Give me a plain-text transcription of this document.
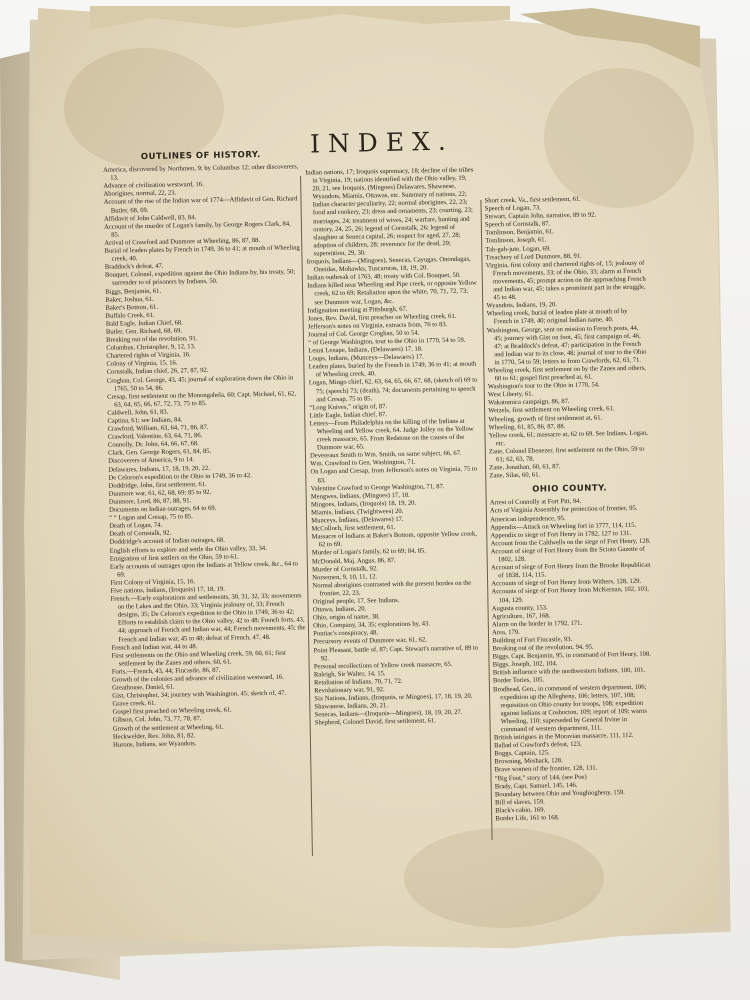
INDEX.
OUTLINES OF HISTORY.

America, discovered by Northmen, 9; by Columbus 12; other discoverers, 13.

Advance of civilization westward, 16.

Aborigines, normal, 22, 23.

Account of the rise of the Indian war of 1774—Affidavit of Gen. Richard Butler, 68, 69.

Affidavit of John Caldwell, 83, 84.

Account of the murder of Logan's family, by George Rogers Clark, 84, 85.

Arrival of Crawford and Dunmore at Wheeling, 86, 87, 88.

Burial of leaden plates by French in 1749, 36 to 41; at mouth of Wheeling creek, 40.

Braddock's defeat, 47.

Bouquet, Colonel, expedition against the Ohio Indians by, his treaty, 50; surrender to of prisoners by Indians, 50.

Biggs, Benjamin, 61.

Baker, Joshua, 61.

Baker's Bottom, 61.

Buffalo Creek, 61.

Bald Eagle, Indian Chief, 68.

Butler, Gen. Richard, 68, 69.

Breaking out of the revolution, 91.

Columbus, Christopher, 9, 12, 13.

Chartered rights of Virginia, 16.

Colony of Virginia, 15, 16.

Cornstalk, Indian chief, 26, 27, 87, 92.

Croghan, Col. George, 43, 45; journal of exploration down the Ohio in 1765, 50 to 54, 86.

Cresap, first settlement on the Monongahela, 60; Capt. Michael, 61, 62, 63, 64, 65, 66, 67, 72, 73, 75 to 85.

Caldwell, John, 61, 83.

Captina, 61; see Indians, 84.

Crawford, William, 63, 64, 71, 86, 87.

Crawford, Valentine, 63, 64, 71, 86.

Connolly, Dr. John, 64, 66, 67, 68.

Clark, Gen. George Rogers, 61, 84, 85.

Discoverers of America, 9 to 14.

Delawares, Indians, 17, 18, 19, 20, 22.

De Celoron's expedition to the Ohio in 1749, 36 to 42.

Doddridge, John, first settlement, 61.

Dunmore war, 61, 62, 68, 69; 85 to 92.

Dunmore, Lord, 86, 87, 88, 91.

Documents on Indian outrages, 64 to 69.

“ “ Logan and Cresap, 75 to 85.

Death of Logan, 74.

Death of Cornstalk, 92.

Doddridge's account of Indian outrages, 68.

English efforts to explore and settle the Ohio valley, 33, 34.

Emigration of first settlers on the Ohio, 59 to 61.

Early accounts of outrages upon the Indians at Yellow creek, &c., 64 to 69.

First Colony of Virginia, 15, 16.

Five nations, Indians, (Iroquois) 17, 18, 19.

French.—Early explorations and settlements, 30, 31, 32, 33; movements on the Lakes and the Ohio, 33; Virginia jealousy of, 33; French designs, 35; De Celoron's expedition to the Ohio in 1749, 36 to 42; Efforts to establish claim to the Ohio valley, 42 to 48; French forts, 43, 44; approach of French and Indian war, 44; French movements, 45; the French and Indian war, 45 to 48; defeat of French, 47, 48.

French and Indian war, 44 to 48.

First settlements on the Ohio and Wheeling creek, 59, 60, 61; first settlement by the Zanes and others, 60, 61.

Forts.—French, 43, 44; Fincastle, 86, 87.

Growth of the colonies and advance of civilization westward, 16.

Greathouse, Daniel, 61.

Gist, Christopher, 34; journey with Washington, 45; sketch of, 47.

Grave creek, 61.

Gospel first preached on Wheeling creek, 61.

Gibson, Col. John, 73, 77, 78, 87.

Growth of the settlement at Wheeling, 61.

Heckwelder, Rev. John, 81, 82.

Hurons, Indians, see Wyandots.

Indian nations, 17; Iroquois supremacy, 18; decline of the tribes in Virginia, 19; nations identified with the Ohio valley, 19, 20, 21, see Iroquois, (Mingoes) Delawares, Shawnese, Wyandots, Miamis, Ottawas, etc. Summary of nations, 22; Indian character peculiarity, 22; normal aborigines, 22, 23; food and cookery, 23; dress and ornaments, 23; courting, 23; marriages, 24; treatment of wives, 24; warfare, hunting and oratory, 24, 25, 26; legend of Cornstalk, 26; legend of slaughter at Seneca capital, 26; respect for aged, 27, 28; adoption of children, 28; reverence for the dead, 29; superstition, 29, 30.

Iroquois, Indians—(Mingoes), Senecas, Cayugas, Onondagas, Oneidas, Mohawks, Tuscaroras, 18, 19, 20.

Indian outbreak of 1763, 48; treaty with Col. Bouquet, 50.

Indians killed near Wheeling and Pipe creek, or opposite Yellow creek, 62 to 69; Retaliation upon the white, 70, 71, 72, 73; see Dunmore war, Logan, &c.

Indignation meeting at Pittsburgh, 67.

Jones, Rev. David, first preacher on Wheeling creek, 61.

Jefferson's notes on Virginia, extracts from, 76 to 83.

Journal of Col. George Croghan, 50 to 54.

“ of George Washington, tour to the Ohio in 1770, 54 to 59.

Lenni Lenape, Indians, (Delawares) 17, 18.

Loups, Indians, (Munceys—Delawares) 17.

Leaden plates, buried by the French in 1749, 36 to 41; at mouth of Wheeling creek, 40.

Logan, Mingo chief, 62, 63, 64, 65, 66, 67, 68, (sketch of) 69 to 75; (speech) 73; (death), 74; documents pertaining to speech and Cresap, 75 to 85.

“Long Knives,” origin of, 87.

Little Eagle, Indian chief, 87.

Letters—From Philadelphia on the killing of the Indians at Wheeling and Yellow creek, 64. Judge Jolley on the Yellow creek massacre, 65. From Redstone on the causes of the Dunmore war, 65.

Devereaux Smith to Wm. Smith, on same subject, 66, 67.

Wm. Crawford to Gen. Washington, 71.

On Logan and Cresap, from Jefferson's notes on Virginia, 75 to 83.

Valentine Crawford to George Washington, 71, 87.

Mengwes, Indians, (Mingoes) 17, 18.

Mingoes, Indians, (Iroquois) 18, 19, 20.

Miamis, Indians, (Twightwees) 20.

Munceys, Indians, (Delawares) 17.

McColloch, first settlement, 61.

Massacre of Indians at Baker's Bottom, opposite Yellow creek, 62 to 69.

Murder of Logan's family, 62 to 69; 84, 85.

McDonald, Maj. Angus, 86, 87.

Murder of Cornstalk, 92.

Norsemen, 9, 10, 11, 12.

Normal aborigines contrasted with the present hordes on the frontier, 22, 23.

Original people, 17. See Indians.

Ottawa, Indians, 20.

Ohio, origin of name, 38.

Ohio, Company, 34, 35; explorations by, 43.

Pontiac's conspiracy, 48.

Precursory events of Dunmore war, 61, 62.

Point Pleasant, battle of, 87; Capt. Stewart's narrative of, 89 to 92.

Personal recollections of Yellow creek massacre, 65.

Raleigh, Sir Walter, 14, 15.

Retaliation of Indians, 70, 71, 72.

Revolutionary war, 91, 92.

Six Nations, Indians, (Iroquois, or Mingoes), 17, 18, 19, 20.

Shawanese, Indians, 20, 21.

Senecas, Indians—(Iroquois—Mingoes), 18, 19, 20, 27.

Shepherd, Colonel David, first settlement, 61.

Short creek, Va., first settlement, 61.

Speech of Logan, 73.

Stewart, Captain John, narrative, 89 to 92.

Speech of Cornstalk, 87.

Tomlinson, Benjamin, 61.

Tomlinson, Joseph, 61.

Tah-gah-jute, Logan, 69.

Treachery of Lord Dunmore, 88, 91.

Virginia, first colony and chartered rights of, 15; jealousy of French movements, 33; of the Ohio, 33; alarm at French movements, 45; prompt action on the approaching French and Indian war, 45; takes a prominent part in the struggle, 45 to 48.

Wyandots, Indians, 19, 20.

Wheeling creek, burial of leaden plate at mouth of by French in 1749, 40; original Indian name, 40.

Washington, George, sent on mission to French posts, 44, 45; journey with Gist on foot, 45; first campaign of, 46, 47; at Braddock's defeat, 47; participation in the French and Indian war to its close, 48; journal of tour to the Ohio in 1770, 54 to 59; letters to from Crawfords, 62, 63, 71.

Wheeling creek, first settlement on by the Zanes and others, 60 to 61; gospel first preached at, 61.

Washington's tour to the Ohio in 1770, 54.

West Liberty, 61.

Wakatomica campaign, 86, 87.

Wetzels, first settlement on Wheeling creek, 61.

Wheeling, growth of first settlement at, 61.

Wheeling, 61, 85, 86, 87, 88.

Yellow creek, 61; massacre at, 62 to 69. See Indians, Logan, etc.

Zane, Colonel Ebenezer, first settlement on the Ohio, 59 to 61; 62, 63, 78.

Zane, Jonathan, 60, 61, 87.

Zane, Silas, 60, 61.

OHIO COUNTY.

Arrest of Connolly at Fort Pitt, 94.

Acts of Virginia Assembly for protection of frontier, 95.

American independence, 95.

Appendix—Attack on Wheeling fort in 1777, 114, 115.

Appendix to siege of Fort Henry in 1782, 127 to 131.

Account from the Caldwells on the siege of Fort Henry, 128.

Account of siege of Fort Henry from the Scioto Gazette of 1802, 128.

Account of siege of Fort Henry from the Brooke Republican of 1838, 114, 115.

Accounts of siege of Fort Henry from Withers, 128, 129.

Accounts of siege of Fort Henry from McKernan, 102, 103, 104, 129.

Augusta county, 153.

Agriculture, 167, 168.

Alarm on the border in 1792, 171.

Area, 179.

Building of Fort Fincastle, 93.

Breaking out of the revolution, 94, 95.

Biggs, Capt. Benjamin, 95, in command of Fort Henry, 108.

Biggs, Joseph, 102, 104.

British influence with the northwestern Indians, 100, 101.

Border Tories, 105.

Brodhead, Gen., in command of western department, 106; expedition up the Allegheny, 106; letters, 107, 108; requisition on Ohio county for troops, 108; expedition against Indians at Coshocton, 109; report of 109; warns Wheeling, 110; superseded by General Irvine in command of western department, 111.

British intrigues in the Moravian massacre, 111, 112.

Ballad of Crawford's defeat, 123.

Boggs, Captain, 125.

Browning, Meshack, 128.

Brave women of the frontier, 128, 131.

“Big Foot,” story of 144, (see Poe)

Brady, Capt. Samuel, 145, 146.

Boundary between Ohio and Youghiogheny, 159.

Bill of slaves, 159.

Black's cabin, 169.

Border Life, 161 to 168.
